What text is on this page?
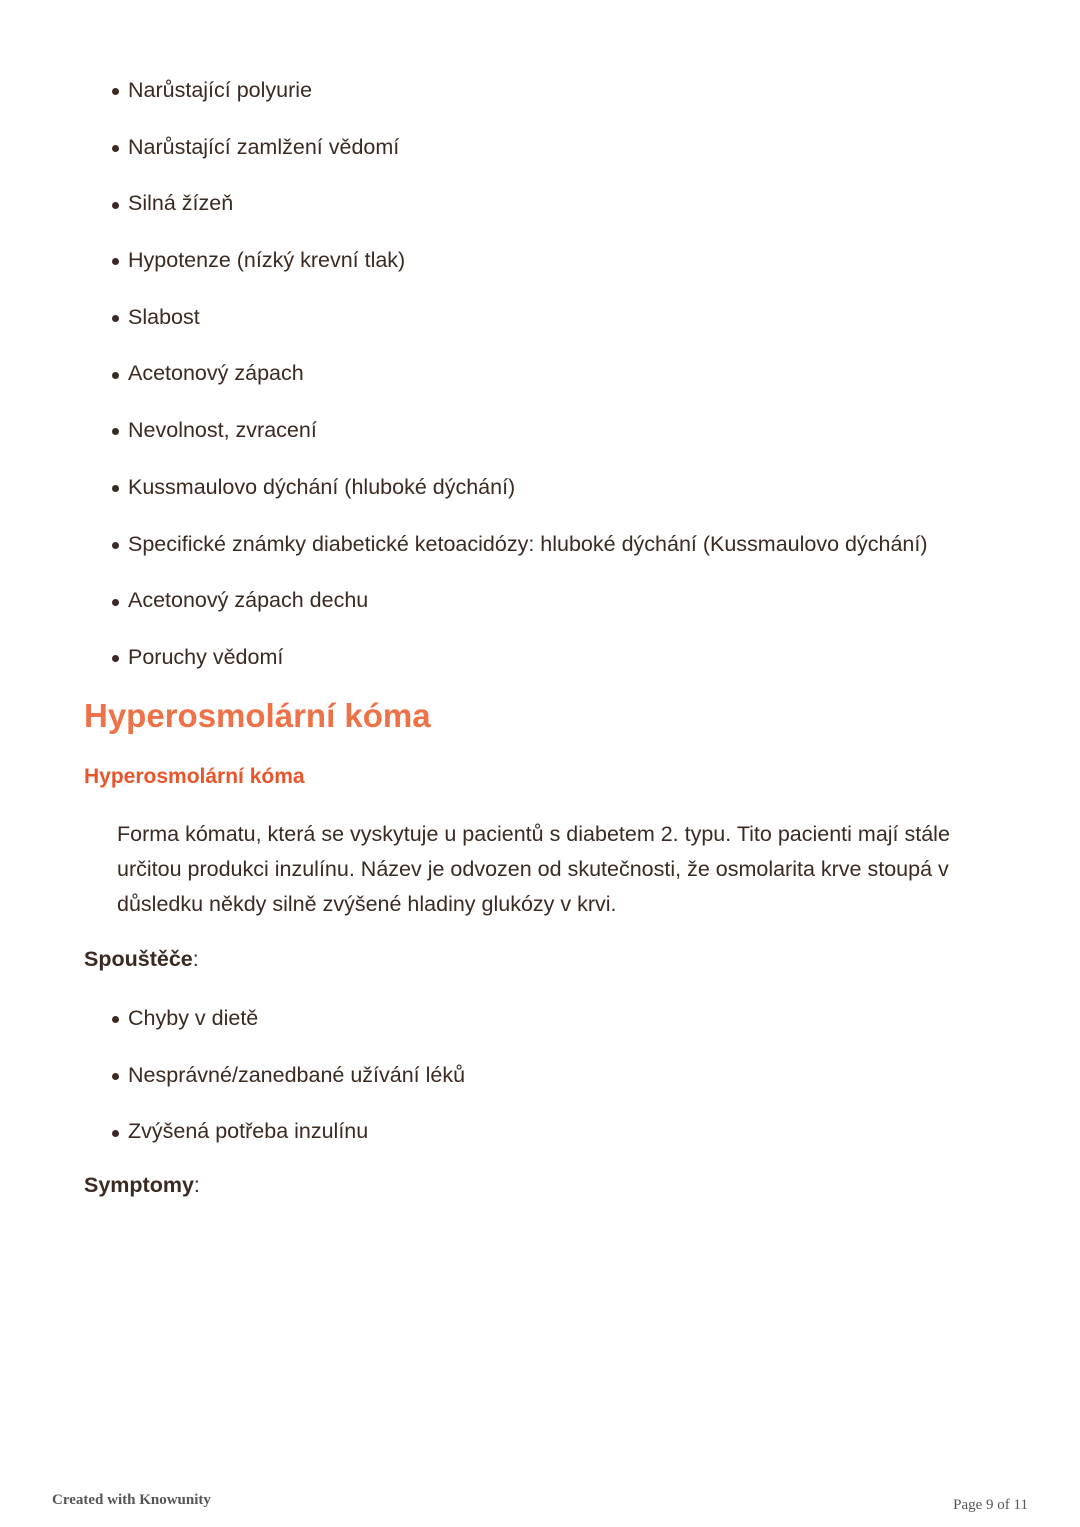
Narůstající polyurie
Narůstající zamlžení vědomí
Silná žízeň
Hypotenze (nízký krevní tlak)
Slabost
Acetonový zápach
Nevolnost, zvracení
Kussmaulovo dýchání (hluboké dýchání)
Specifické známky diabetické ketoacidózy: hluboké dýchání (Kussmaulovo dýchání)
Acetonový zápach dechu
Poruchy vědomí
Hyperosmolární kóma
Hyperosmolární kóma

Forma kómatu, která se vyskytuje u pacientů s diabetem 2. typu. Tito pacienti mají stále určitou produkci inzulínu. Název je odvozen od skutečnosti, že osmolarita krve stoupá v důsledku někdy silně zvýšené hladiny glukózy v krvi.

Spouštěče:

Chyby v dietě
Nesprávné/zanedbané užívání léků
Zvýšená potřeba inzulínu

Symptomy:

Created with Knowunity	Page 9 of 11
